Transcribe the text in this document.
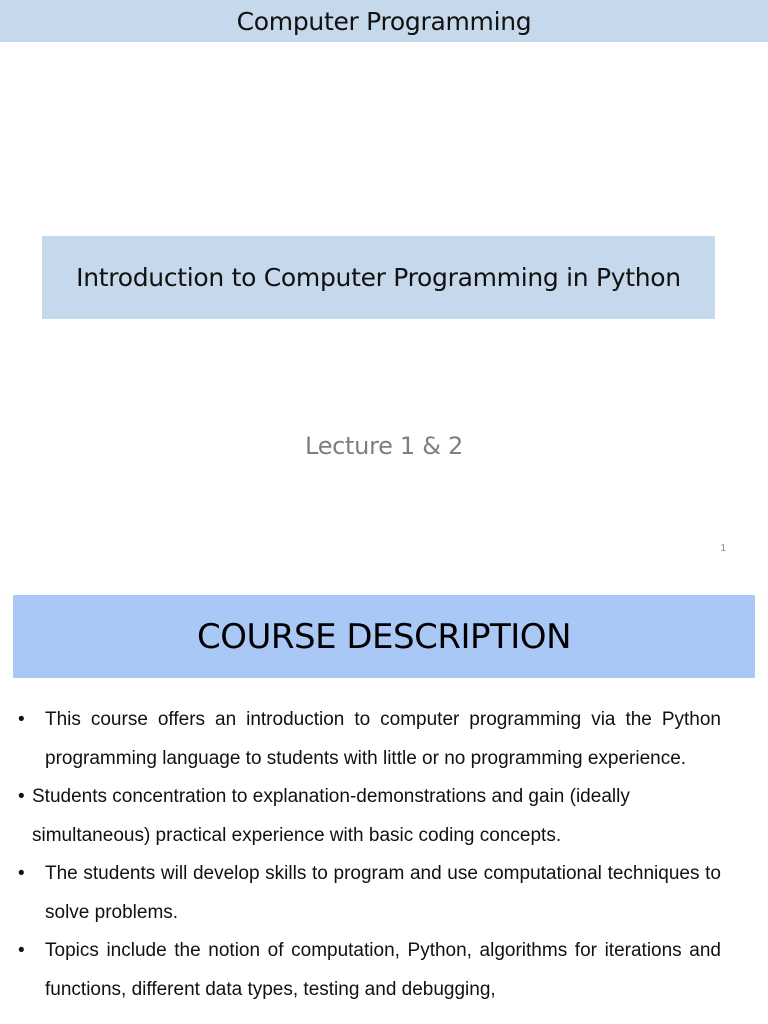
Computer Programming
Introduction to Computer Programming in Python
Lecture 1 & 2
1
COURSE DESCRIPTION
•	This course offers an introduction to computer programming via the Python programming language to students with little or no programming experience.
• Students concentration to explanation-demonstrations and gain (ideally simultaneous) practical experience with basic coding concepts.
•	The students will develop skills to program and use computational techniques to solve problems.
•	Topics include the notion of computation, Python, algorithms for iterations and functions, different data types, testing and debugging,
